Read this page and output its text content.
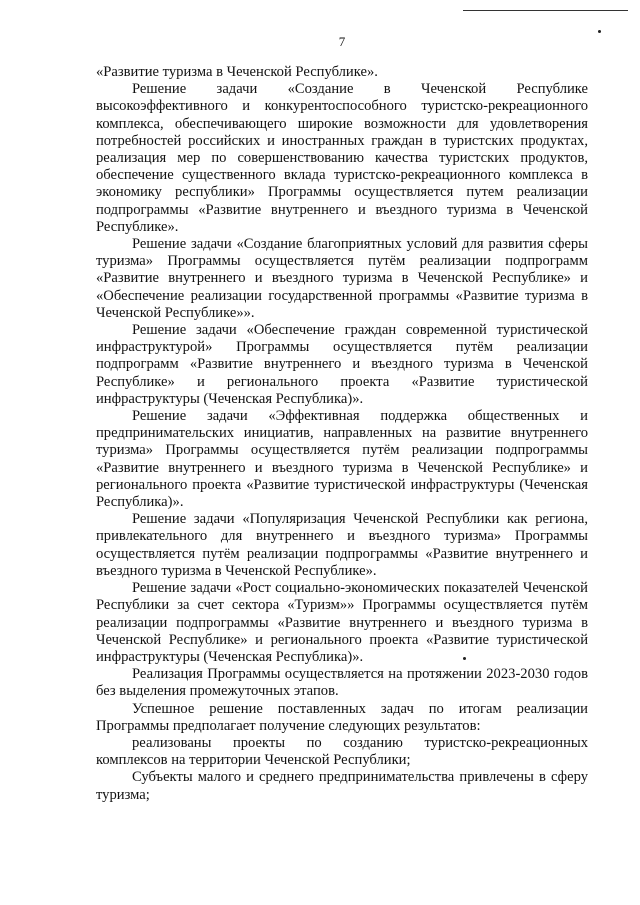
7

«Развитие туризма в Чеченской Республике».

Решение задачи «Создание в Чеченской Республике высокоэффективного и конкурентоспособного туристско-рекреационного комплекса, обеспечивающего широкие возможности для удовлетворения потребностей российских и иностранных граждан в туристских продуктах, реализация мер по совершенствованию качества туристских продуктов, обеспечение существенного вклада туристско-рекреационного комплекса в экономику республики» Программы осуществляется путем реализации подпрограммы «Развитие внутреннего и въездного туризма в Чеченской Республике».

Решение задачи «Создание благоприятных условий для развития сферы туризма» Программы осуществляется путём реализации подпрограмм «Развитие внутреннего и въездного туризма в Чеченской Республике» и «Обеспечение реализации государственной программы «Развитие туризма в Чеченской Республике»».

Решение задачи «Обеспечение граждан современной туристической инфраструктурой» Программы осуществляется путём реализации подпрограмм «Развитие внутреннего и въездного туризма в Чеченской Республике» и регионального проекта «Развитие туристической инфраструктуры (Чеченская Республика)».

Решение задачи «Эффективная поддержка общественных и предпринимательских инициатив, направленных на развитие внутреннего туризма» Программы осуществляется путём реализации подпрограммы «Развитие внутреннего и въездного туризма в Чеченской Республике» и регионального проекта «Развитие туристической инфраструктуры (Чеченская Республика)».

Решение задачи «Популяризация Чеченской Республики как региона, привлекательного для внутреннего и въездного туризма» Программы осуществляется путём реализации подпрограммы «Развитие внутреннего и въездного туризма в Чеченской Республике».

Решение задачи «Рост социально-экономических показателей Чеченской Республики за счет сектора «Туризм»» Программы осуществляется путём реализации подпрограммы «Развитие внутреннего и въездного туризма в Чеченской Республике» и регионального проекта «Развитие туристической инфраструктуры (Чеченская Республика)».

Реализация Программы осуществляется на протяжении 2023-2030 годов без выделения промежуточных этапов.

Успешное решение поставленных задач по итогам реализации Программы предполагает получение следующих результатов:

реализованы проекты по созданию туристско-рекреационных комплексов на территории Чеченской Республики;

Субъекты малого и среднего предпринимательства привлечены в сферу туризма;
